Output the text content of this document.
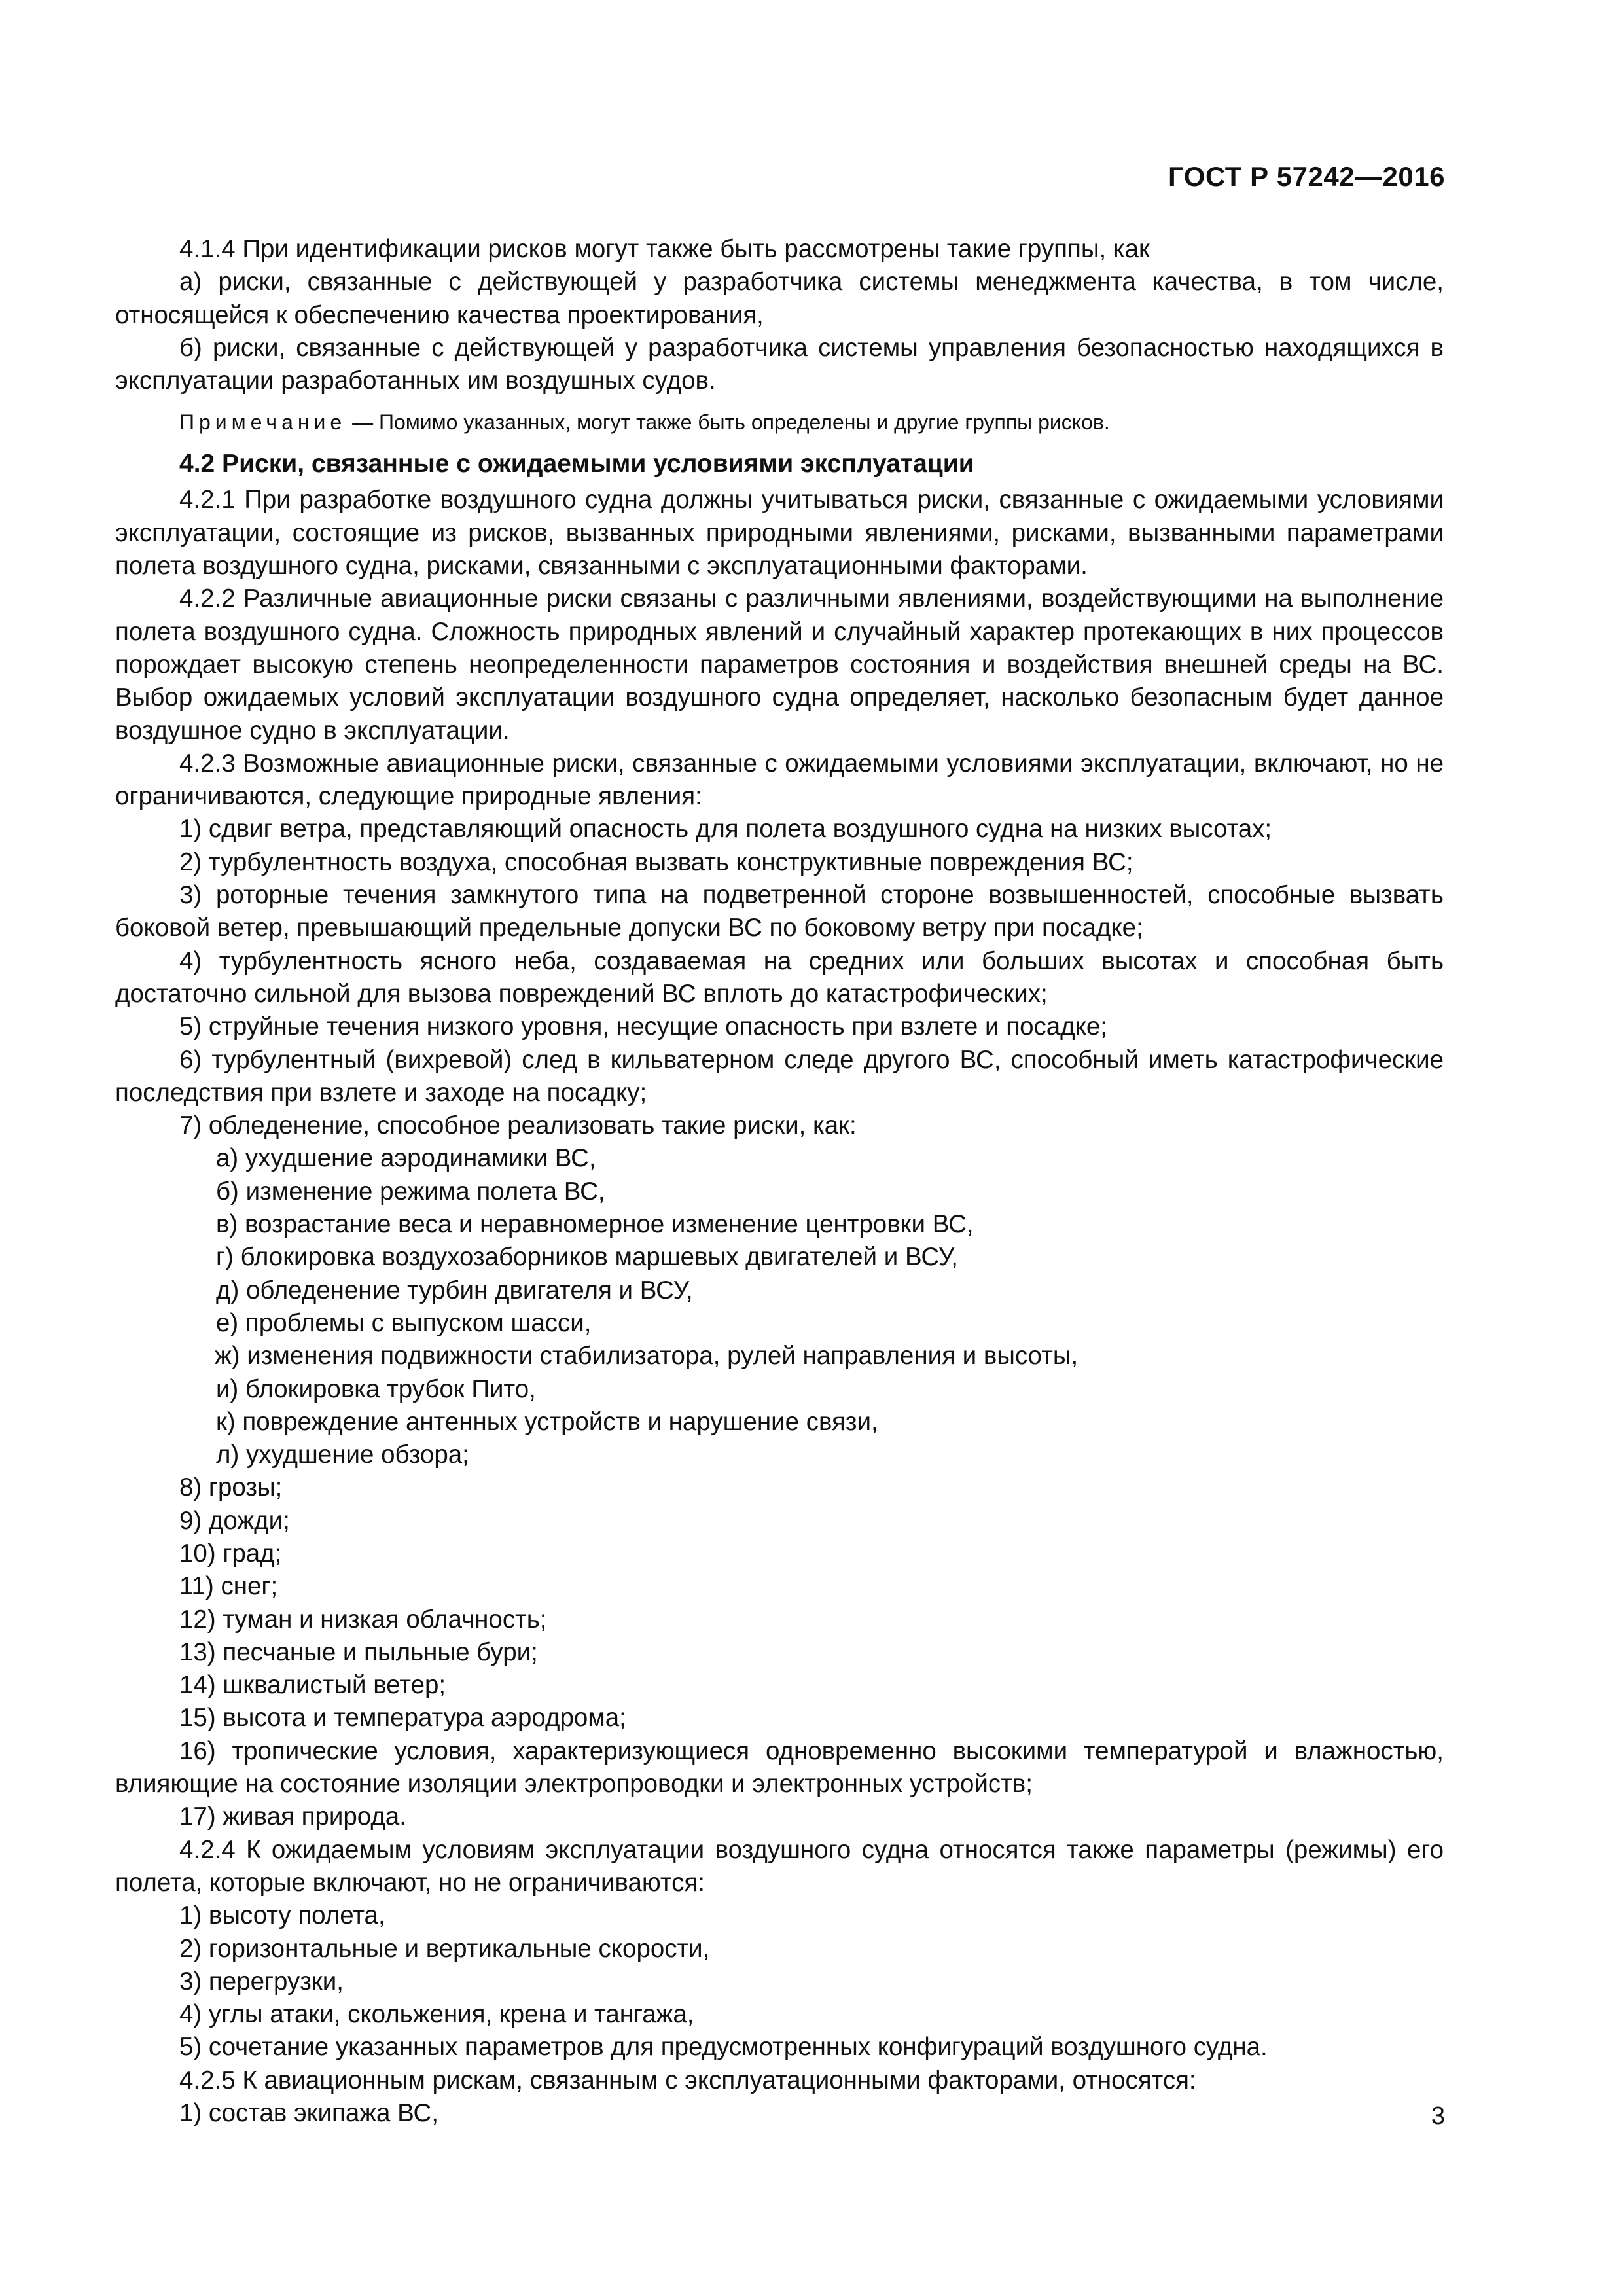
ГОСТ Р 57242—2016

4.1.4 При идентификации рисков могут также быть рассмотрены такие группы, как

а) риски, связанные с действующей у разработчика системы менеджмента качества, в том числе, относящейся к обеспечению качества проектирования,

б) риски, связанные с действующей у разработчика системы управления безопасностью находящихся в эксплуатации разработанных им воздушных судов.

Примечание — Помимо указанных, могут также быть определены и другие группы рисков.

4.2 Риски, связанные с ожидаемыми условиями эксплуатации

4.2.1 При разработке воздушного судна должны учитываться риски, связанные с ожидаемыми условиями эксплуатации, состоящие из рисков, вызванных природными явлениями, рисками, вызванными параметрами полета воздушного судна, рисками, связанными с эксплуатационными факторами.

4.2.2 Различные авиационные риски связаны с различными явлениями, воздействующими на выполнение полета воздушного судна. Сложность природных явлений и случайный характер протекающих в них процессов порождает высокую степень неопределенности параметров состояния и воздействия внешней среды на ВС. Выбор ожидаемых условий эксплуатации воздушного судна определяет, насколько безопасным будет данное воздушное судно в эксплуатации.

4.2.3 Возможные авиационные риски, связанные с ожидаемыми условиями эксплуатации, включают, но не ограничиваются, следующие природные явления:

1) сдвиг ветра, представляющий опасность для полета воздушного судна на низких высотах;

2) турбулентность воздуха, способная вызвать конструктивные повреждения ВС;

3) роторные течения замкнутого типа на подветренной стороне возвышенностей, способные вызвать боковой ветер, превышающий предельные допуски ВС по боковому ветру при посадке;

4) турбулентность ясного неба, создаваемая на средних или больших высотах и способная быть достаточно сильной для вызова повреждений ВС вплоть до катастрофических;

5) струйные течения низкого уровня, несущие опасность при взлете и посадке;

6) турбулентный (вихревой) след в кильватерном следе другого ВС, способный иметь катастрофические последствия при взлете и заходе на посадку;

7) обледенение, способное реализовать такие риски, как:

а) ухудшение аэродинамики ВС,

б) изменение режима полета ВС,

в) возрастание веса и неравномерное изменение центровки ВС,

г) блокировка воздухозаборников маршевых двигателей и ВСУ,

д) обледенение турбин двигателя и ВСУ,

е) проблемы с выпуском шасси,

ж) изменения подвижности стабилизатора, рулей направления и высоты,

и) блокировка трубок Пито,

к) повреждение антенных устройств и нарушение связи,

л) ухудшение обзора;

8) грозы;

9) дожди;

10) град;

11) снег;

12) туман и низкая облачность;

13) песчаные и пыльные бури;

14) шквалистый ветер;

15) высота и температура аэродрома;

16) тропические условия, характеризующиеся одновременно высокими температурой и влажностью, влияющие на состояние изоляции электропроводки и электронных устройств;

17) живая природа.

4.2.4 К ожидаемым условиям эксплуатации воздушного судна относятся также параметры (режимы) его полета, которые включают, но не ограничиваются:

1) высоту полета,

2) горизонтальные и вертикальные скорости,

3) перегрузки,

4) углы атаки, скольжения, крена и тангажа,

5) сочетание указанных параметров для предусмотренных конфигураций воздушного судна.

4.2.5 К авиационным рискам, связанным с эксплуатационными факторами, относятся:

1) состав экипажа ВС,	3
